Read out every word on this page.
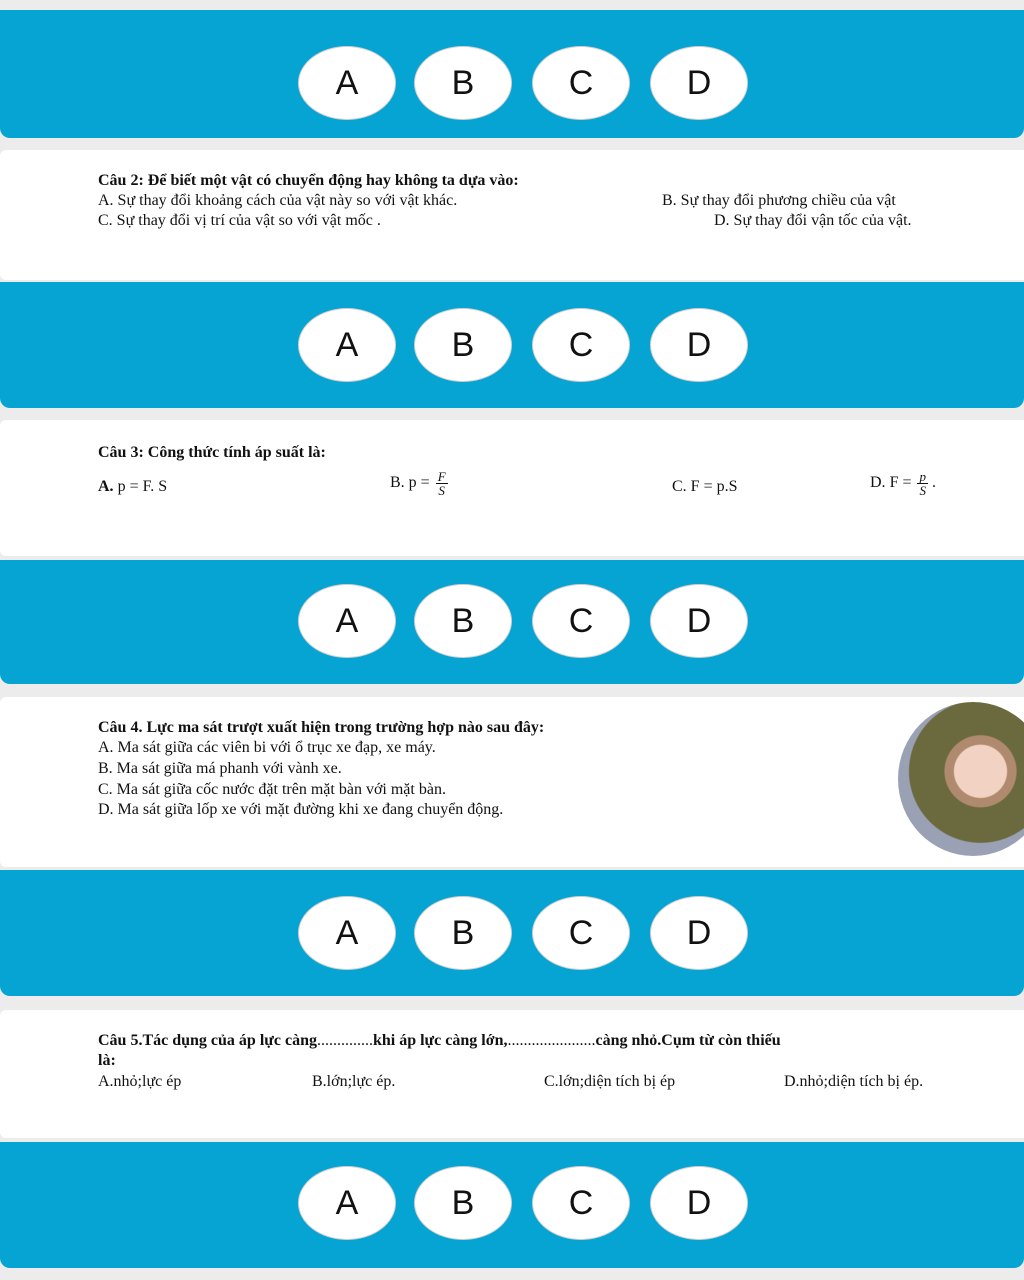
A	B	C	D
Câu 2: Để biết một vật có chuyển động hay không ta dựa vào:
A. Sự thay đổi khoảng cách của vật này so với vật khác.	B. Sự thay đổi phương chiều của vật
C. Sự thay đổi vị trí của vật so với vật mốc .	D. Sự thay đổi vận tốc của vật.
A	B	C	D
Câu 3: Công thức tính áp suất là:
A. p = F. S	B. $p = \frac{F}{S}$	C. F = p.S	D. $F = \frac{p}{S}$ .
A	B	C	D
Câu 4. Lực ma sát trượt xuất hiện trong trường hợp nào sau đây:
A. Ma sát giữa các viên bi với ổ trục xe đạp, xe máy.
B. Ma sát giữa má phanh với vành xe.
C. Ma sát giữa cốc nước đặt trên mặt bàn với mặt bàn.
D. Ma sát giữa lốp xe với mặt đường khi xe đang chuyển động.
A	B	C	D
Câu 5.Tác dụng của áp lực càng..............khi áp lực càng lớn,......................càng nhỏ.Cụm từ còn thiếu
là:
A.nhỏ;lực ép	B.lớn;lực ép.	C.lớn;diện tích bị ép	D.nhỏ;diện tích bị ép.
A	B	C	D
